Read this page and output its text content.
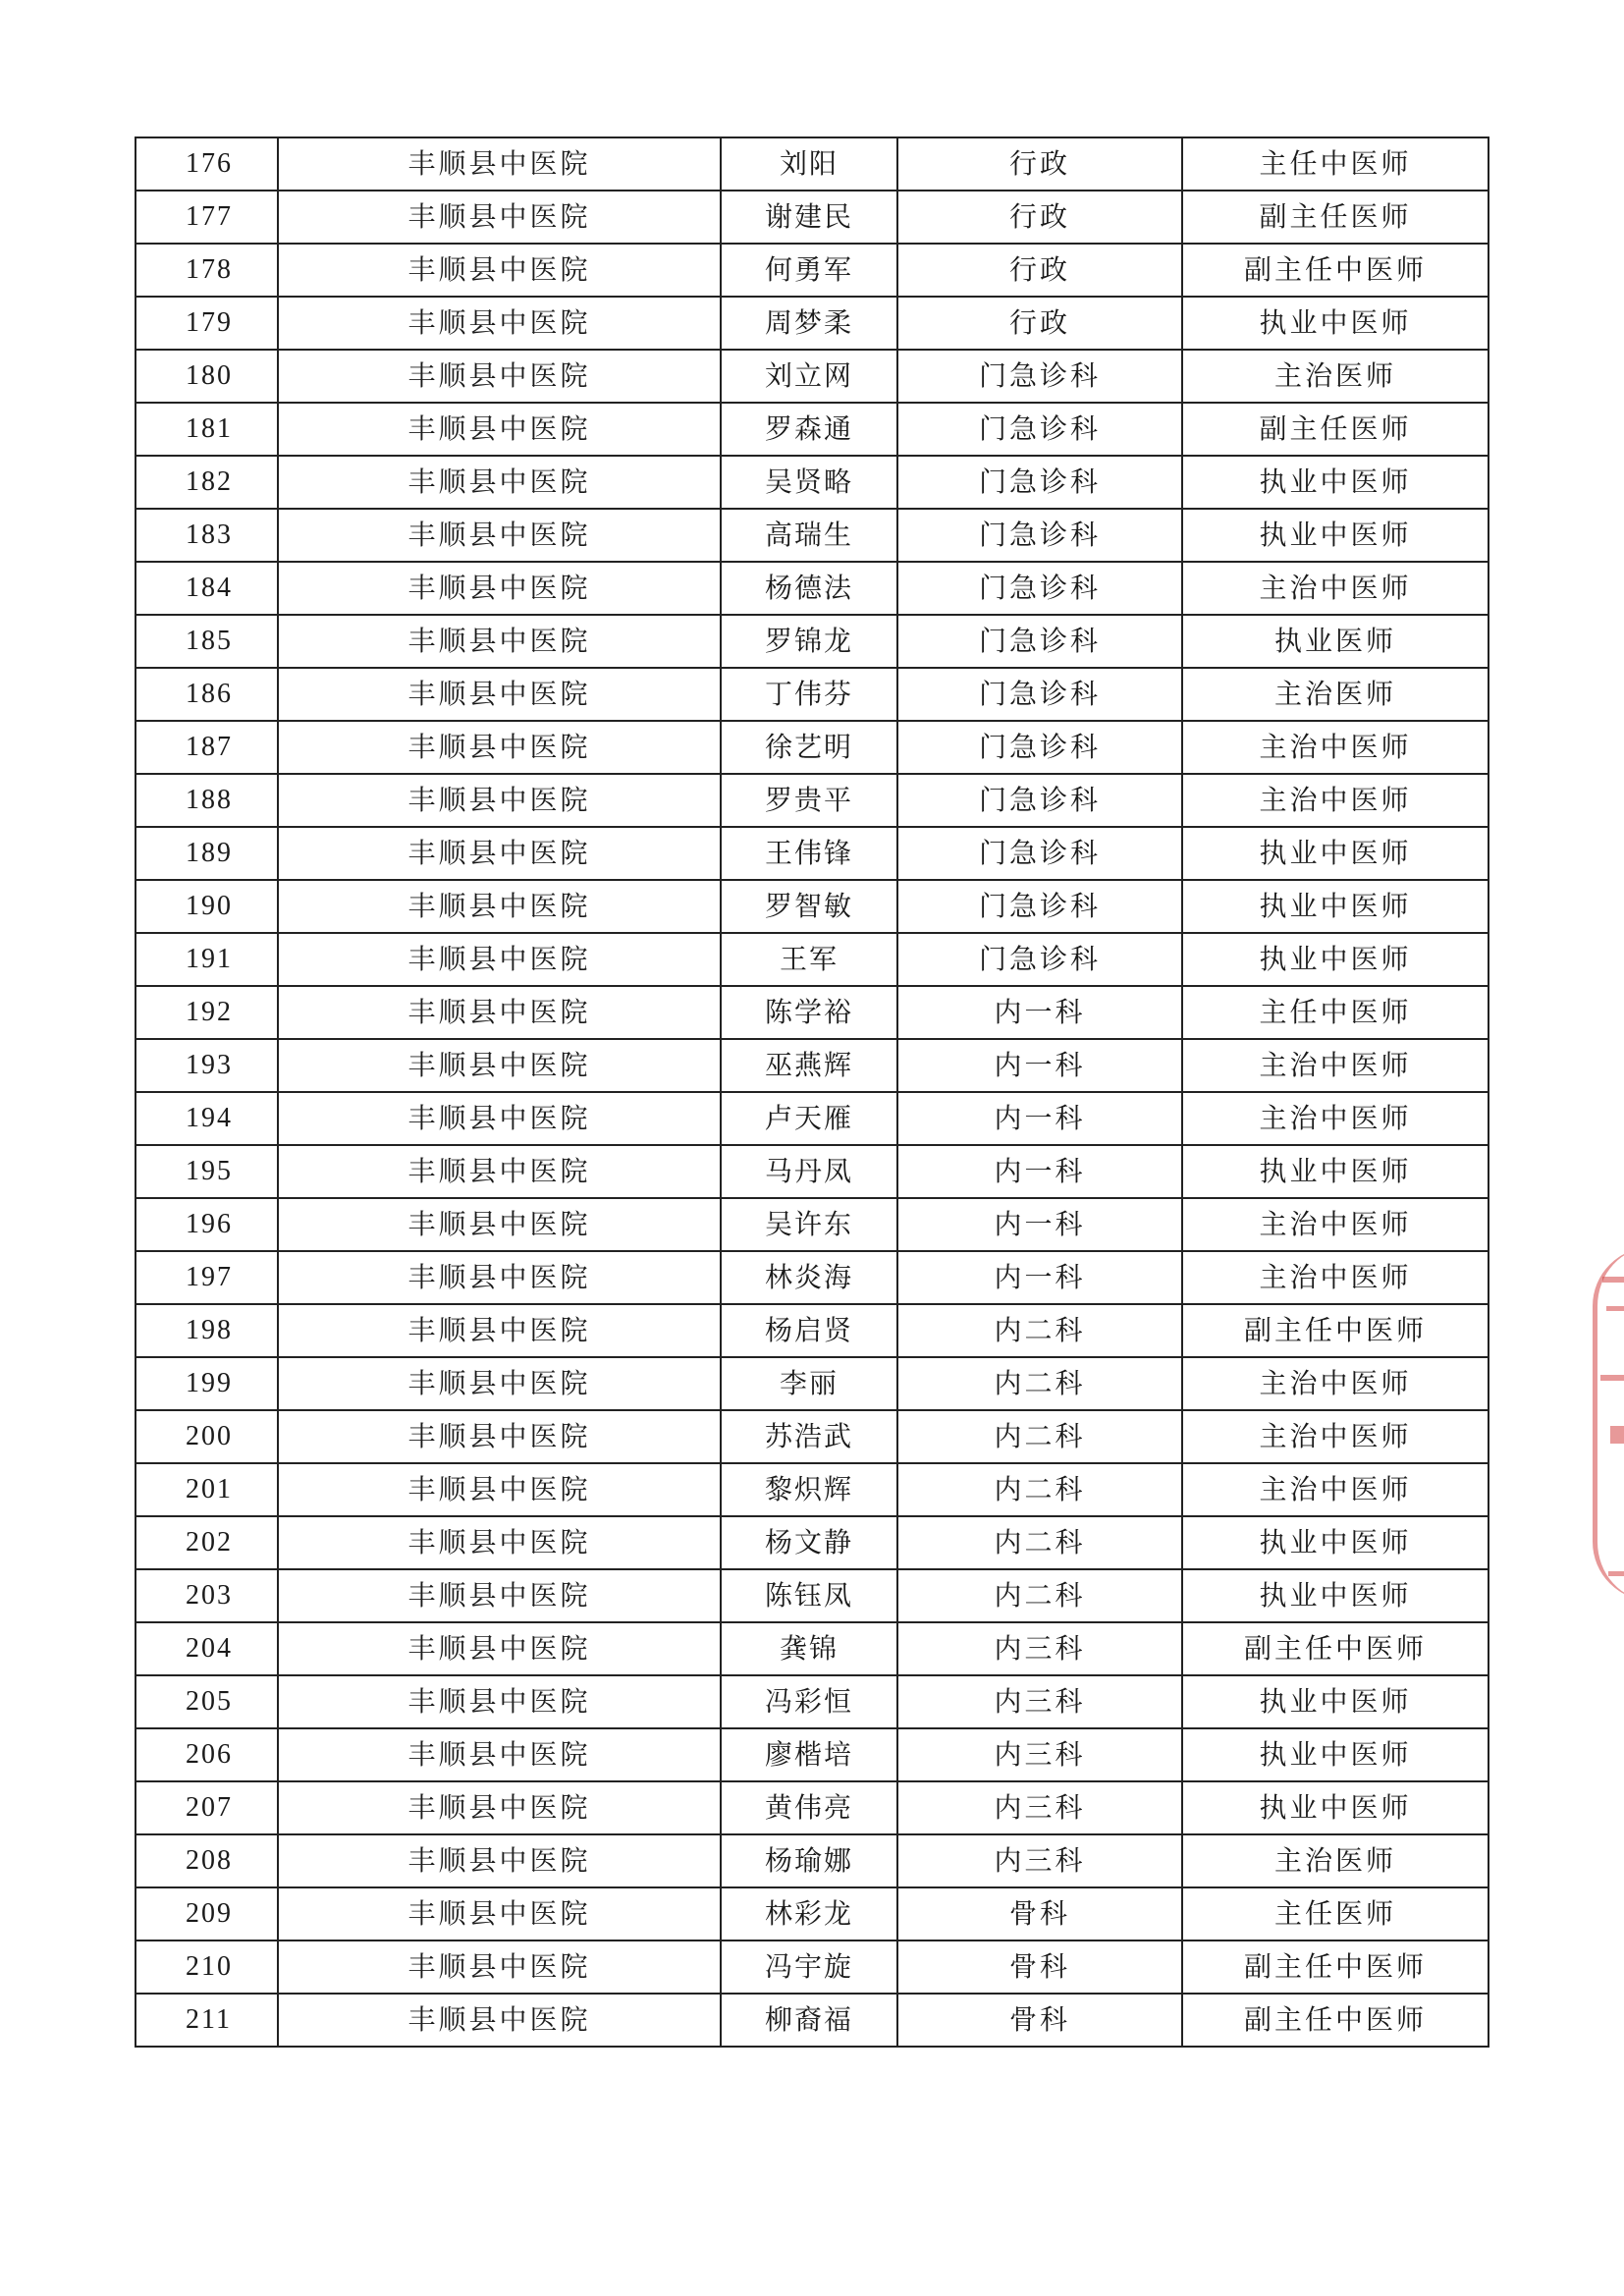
176	丰顺县中医院	刘阳	行政	主任中医师
177	丰顺县中医院	谢建民	行政	副主任医师
178	丰顺县中医院	何勇军	行政	副主任中医师
179	丰顺县中医院	周梦柔	行政	执业中医师
180	丰顺县中医院	刘立网	门急诊科	主治医师
181	丰顺县中医院	罗森通	门急诊科	副主任医师
182	丰顺县中医院	吴贤略	门急诊科	执业中医师
183	丰顺县中医院	高瑞生	门急诊科	执业中医师
184	丰顺县中医院	杨德法	门急诊科	主治中医师
185	丰顺县中医院	罗锦龙	门急诊科	执业医师
186	丰顺县中医院	丁伟芬	门急诊科	主治医师
187	丰顺县中医院	徐艺明	门急诊科	主治中医师
188	丰顺县中医院	罗贵平	门急诊科	主治中医师
189	丰顺县中医院	王伟锋	门急诊科	执业中医师
190	丰顺县中医院	罗智敏	门急诊科	执业中医师
191	丰顺县中医院	王军	门急诊科	执业中医师
192	丰顺县中医院	陈学裕	内一科	主任中医师
193	丰顺县中医院	巫燕辉	内一科	主治中医师
194	丰顺县中医院	卢天雁	内一科	主治中医师
195	丰顺县中医院	马丹凤	内一科	执业中医师
196	丰顺县中医院	吴许东	内一科	主治中医师
197	丰顺县中医院	林炎海	内一科	主治中医师
198	丰顺县中医院	杨启贤	内二科	副主任中医师
199	丰顺县中医院	李丽	内二科	主治中医师
200	丰顺县中医院	苏浩武	内二科	主治中医师
201	丰顺县中医院	黎炽辉	内二科	主治中医师
202	丰顺县中医院	杨文静	内二科	执业中医师
203	丰顺县中医院	陈钰凤	内二科	执业中医师
204	丰顺县中医院	龚锦	内三科	副主任中医师
205	丰顺县中医院	冯彩恒	内三科	执业中医师
206	丰顺县中医院	廖楷培	内三科	执业中医师
207	丰顺县中医院	黄伟亮	内三科	执业中医师
208	丰顺县中医院	杨瑜娜	内三科	主治医师
209	丰顺县中医院	林彩龙	骨科	主任医师
210	丰顺县中医院	冯宇旋	骨科	副主任中医师
211	丰顺县中医院	柳裔福	骨科	副主任中医师
